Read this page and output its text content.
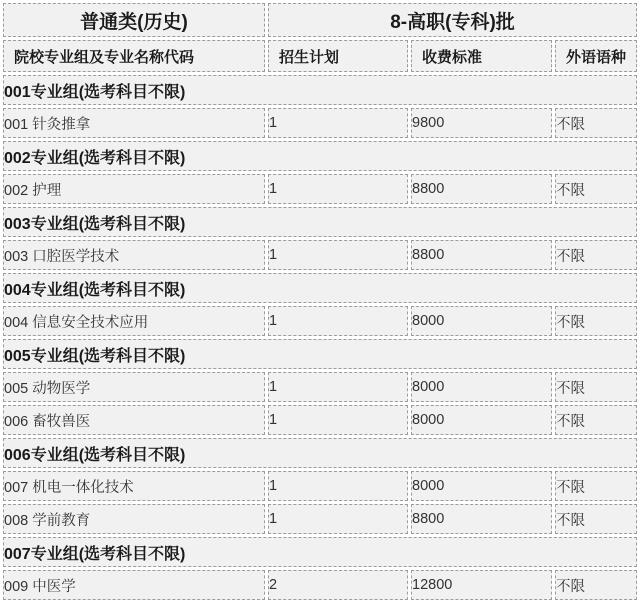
普通类(历史)	8-高职(专科)批		
院校专业组及专业名称代码	招生计划	收费标准	外语语种
001专业组(选考科目不限)			
001 针灸推拿	1	9800	不限
002专业组(选考科目不限)			
002 护理	1	8800	不限
003专业组(选考科目不限)			
003 口腔医学技术	1	8800	不限
004专业组(选考科目不限)			
004 信息安全技术应用	1	8000	不限
005专业组(选考科目不限)			
005 动物医学	1	8000	不限
006 畜牧兽医	1	8000	不限
006专业组(选考科目不限)			
007 机电一体化技术	1	8000	不限
008 学前教育	1	8800	不限
007专业组(选考科目不限)			
009 中医学	2	12800	不限
